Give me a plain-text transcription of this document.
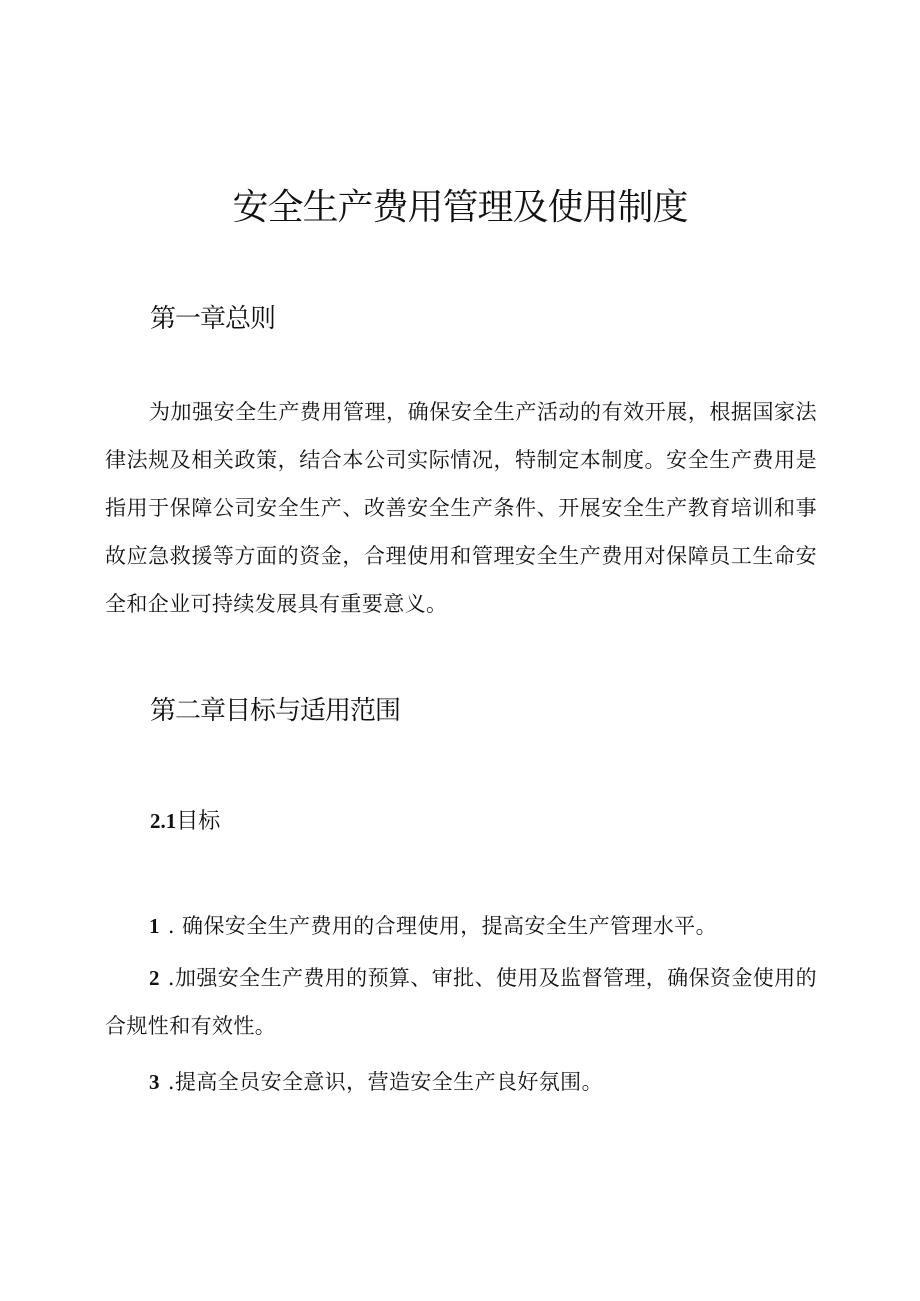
安全生产费用管理及使用制度
第一章总则

为加强安全生产费用管理，确保安全生产活动的有效开展，根据国家法律法规及相关政策，结合本公司实际情况，特制定本制度。安全生产费用是指用于保障公司安全生产、改善安全生产条件、开展安全生产教育培训和事故应急救援等方面的资金，合理使用和管理安全生产费用对保障员工生命安全和企业可持续发展具有重要意义。

第二章目标与适用范围
2.1目标

1 . 确保安全生产费用的合理使用，提高安全生产管理水平。

2 .加强安全生产费用的预算、审批、使用及监督管理，确保资金使用的合规性和有效性。

3 .提高全员安全意识，营造安全生产良好氛围。
